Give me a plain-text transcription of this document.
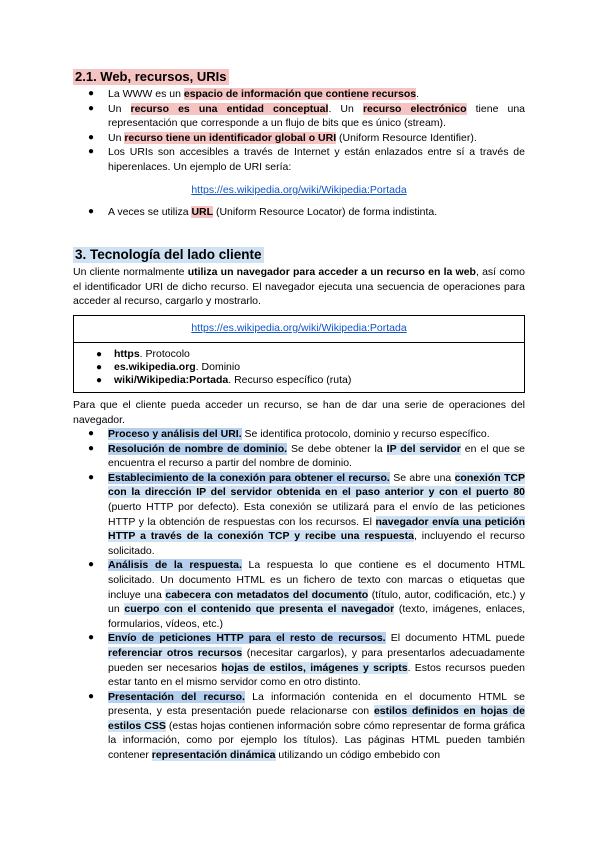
2.1. Web, recursos, URIs
● La WWW es un espacio de información que contiene recursos.
● Un recurso es una entidad conceptual. Un recurso electrónico tiene una representación que corresponde a un flujo de bits que es único (stream).
● Un recurso tiene un identificador global o URI (Uniform Resource Identifier).
● Los URIs son accesibles a través de Internet y están enlazados entre sí a través de hiperenlaces. Un ejemplo de URI sería:
https://es.wikipedia.org/wiki/Wikipedia:Portada
● A veces se utiliza URL (Uniform Resource Locator) de forma indistinta.
3. Tecnología del lado cliente
Un cliente normalmente utiliza un navegador para acceder a un recurso en la web, así como el identificador URI de dicho recurso. El navegador ejecuta una secuencia de operaciones para acceder al recurso, cargarlo y mostrarlo.
https://es.wikipedia.org/wiki/Wikipedia:Portada
● https. Protocolo
● es.wikipedia.org. Dominio
● wiki/Wikipedia:Portada. Recurso específico (ruta)
Para que el cliente pueda acceder un recurso, se han de dar una serie de operaciones del navegador.
● Proceso y análisis del URI. Se identifica protocolo, dominio y recurso específico.
● Resolución de nombre de dominio. Se debe obtener la IP del servidor en el que se encuentra el recurso a partir del nombre de dominio.
● Establecimiento de la conexión para obtener el recurso. Se abre una conexión TCP con la dirección IP del servidor obtenida en el paso anterior y con el puerto 80 (puerto HTTP por defecto). Esta conexión se utilizará para el envío de las peticiones HTTP y la obtención de respuestas con los recursos. El navegador envía una petición HTTP a través de la conexión TCP y recibe una respuesta, incluyendo el recurso solicitado.
● Análisis de la respuesta. La respuesta lo que contiene es el documento HTML solicitado. Un documento HTML es un fichero de texto con marcas o etiquetas que incluye una cabecera con metadatos del documento (título, autor, codificación, etc.) y un cuerpo con el contenido que presenta el navegador (texto, imágenes, enlaces, formularios, vídeos, etc.)
● Envío de peticiones HTTP para el resto de recursos. El documento HTML puede referenciar otros recursos (necesitar cargarlos), y para presentarlos adecuadamente pueden ser necesarios hojas de estilos, imágenes y scripts. Estos recursos pueden estar tanto en el mismo servidor como en otro distinto.
● Presentación del recurso. La información contenida en el documento HTML se presenta, y esta presentación puede relacionarse con estilos definidos en hojas de estilos CSS (estas hojas contienen información sobre cómo representar de forma gráfica la información, como por ejemplo los títulos). Las páginas HTML pueden también contener representación dinámica utilizando un código embebido con
